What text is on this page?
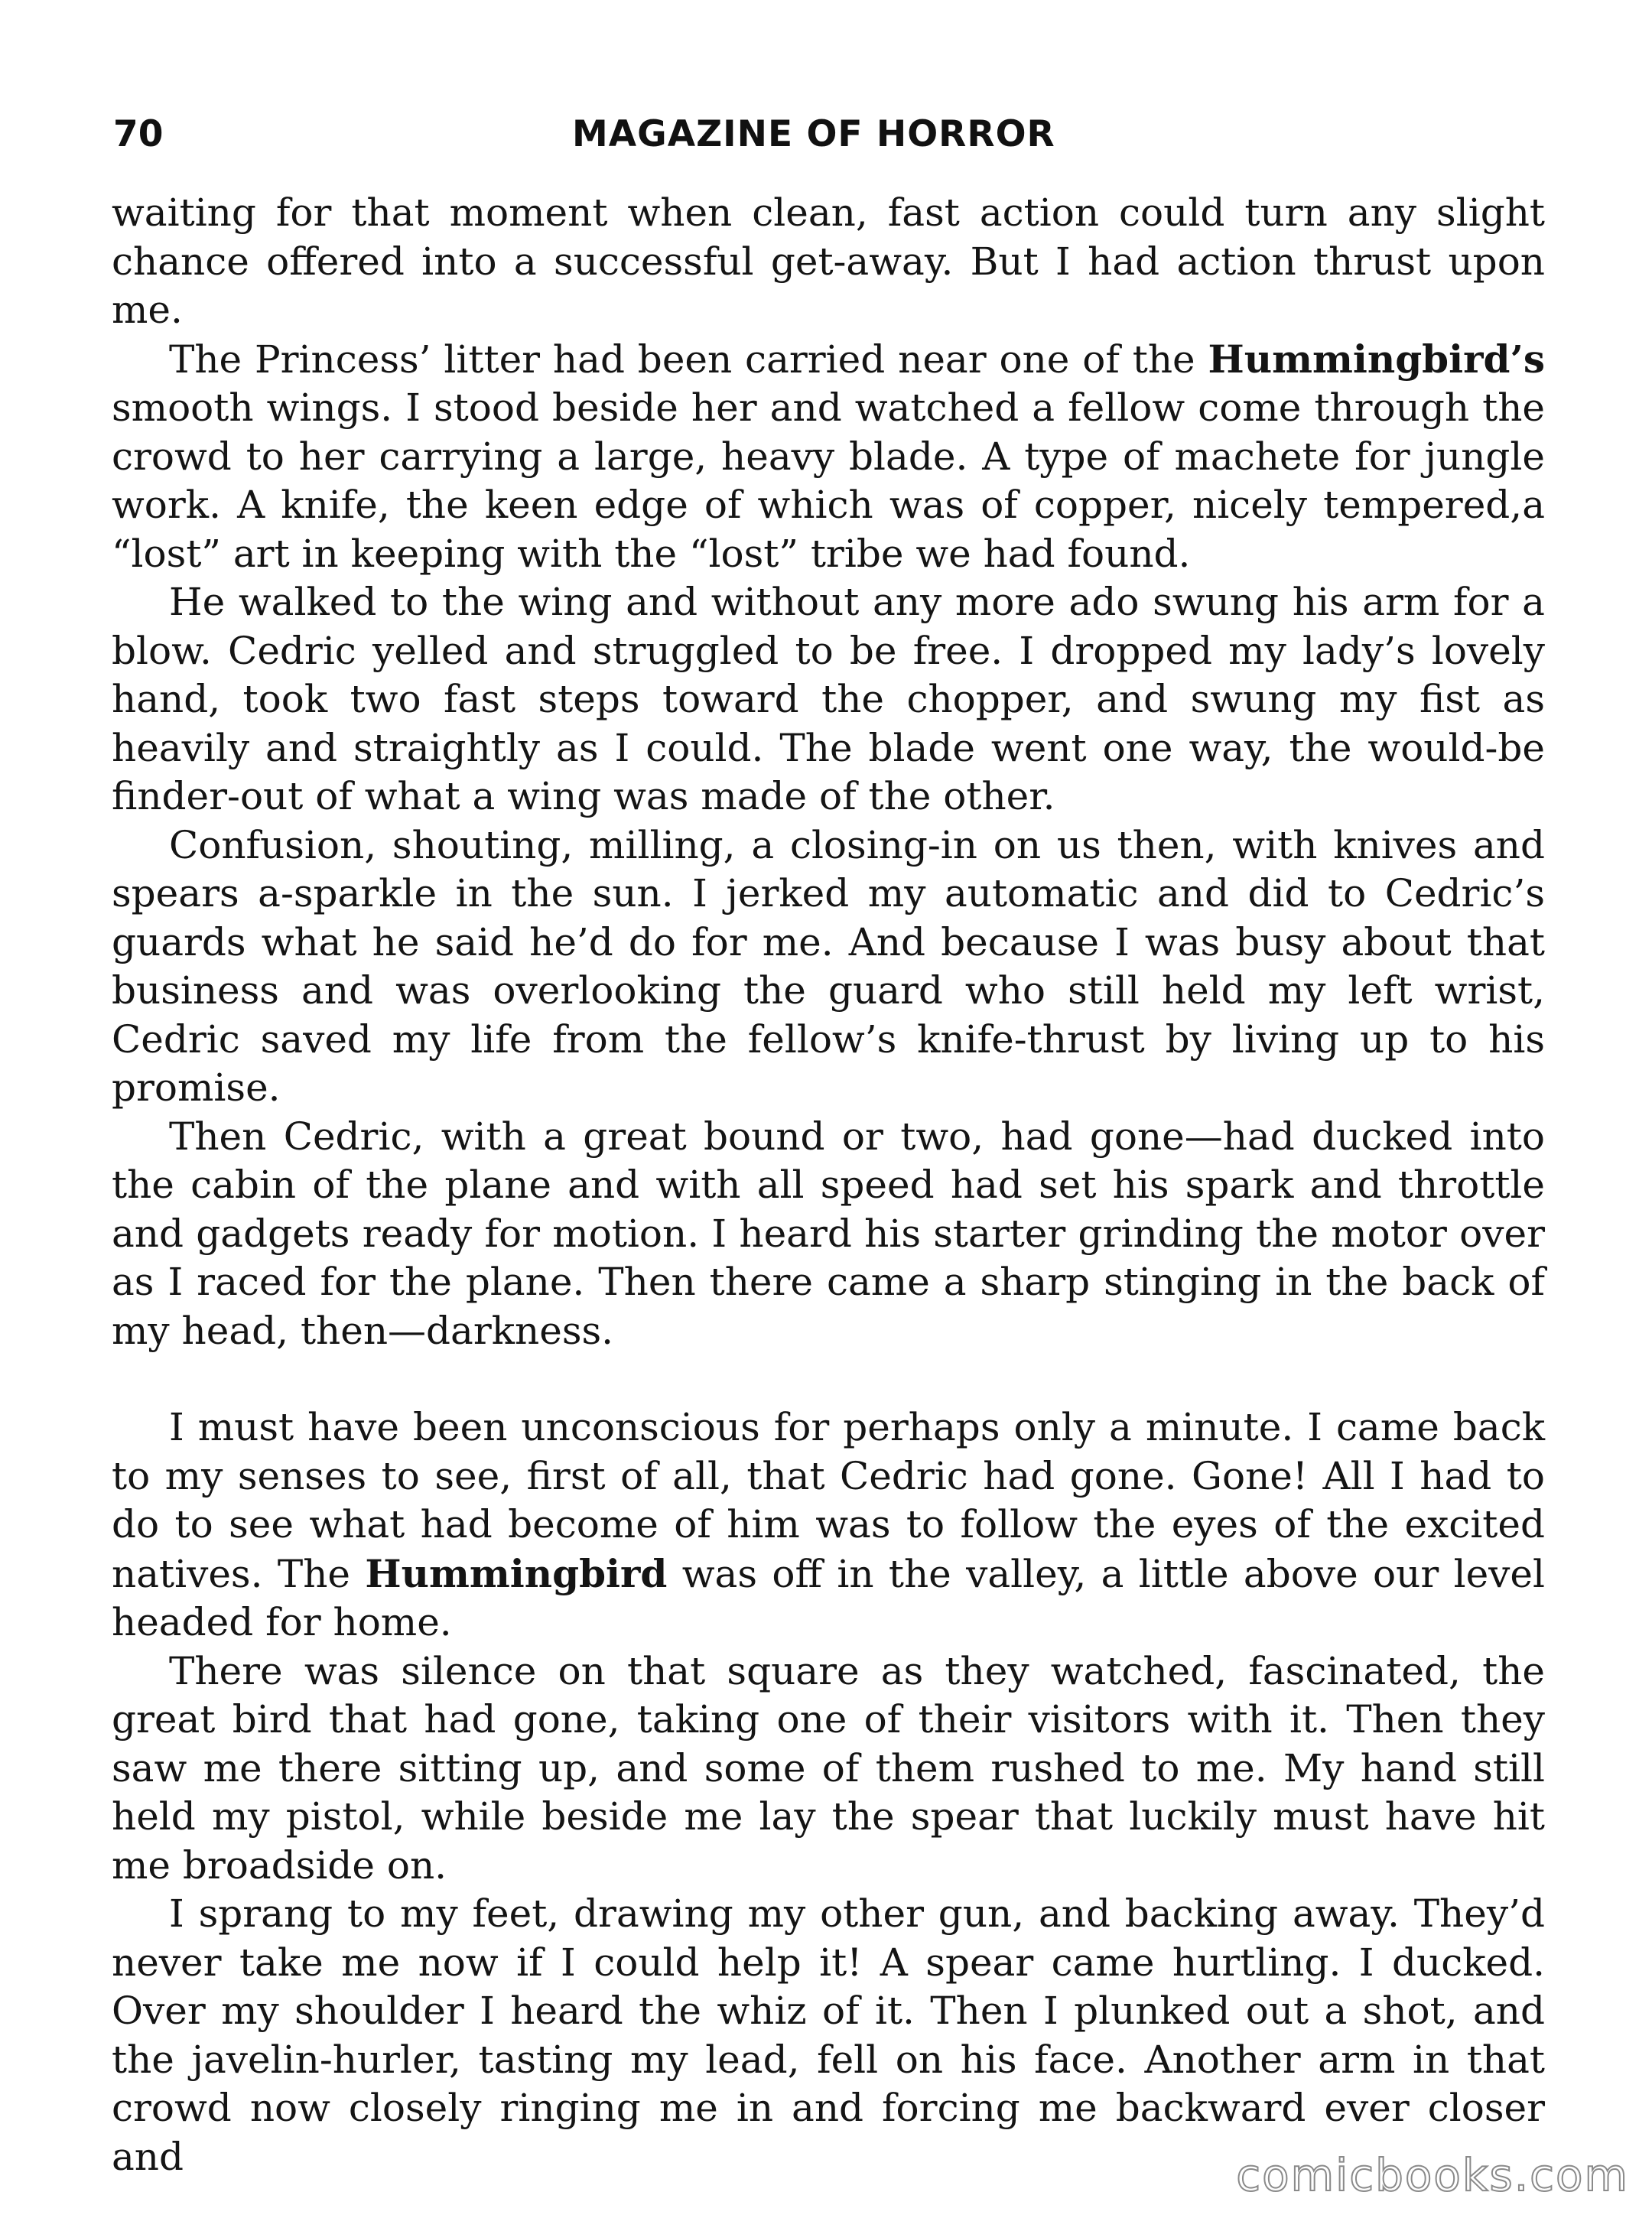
70	MAGAZINE OF HORROR

waiting for that moment when clean, fast action could turn any slight chance offered into a successful get-away. But I had action thrust upon me.

The Princess’ litter had been carried near one of the Hummingbird’s smooth wings. I stood beside her and watched a fellow come through the crowd to her carrying a large, heavy blade. A type of machete for jungle work. A knife, the keen edge of which was of copper, nicely tempered,a “lost” art in keeping with the “lost” tribe we had found.

He walked to the wing and without any more ado swung his arm for a blow. Cedric yelled and struggled to be free. I dropped my lady’s lovely hand, took two fast steps toward the chopper, and swung my fist as heavily and straightly as I could. The blade went one way, the would-be finder-out of what a wing was made of the other.

Confusion, shouting, milling, a closing-in on us then, with knives and spears a-sparkle in the sun. I jerked my automatic and did to Cedric’s guards what he said he’d do for me. And because I was busy about that business and was overlooking the guard who still held my left wrist, Cedric saved my life from the fellow’s knife-thrust by living up to his promise.

Then Cedric, with a great bound or two, had gone—had ducked into the cabin of the plane and with all speed had set his spark and throttle and gadgets ready for motion. I heard his starter grinding the motor over as I raced for the plane. Then there came a sharp stinging in the back of my head, then—darkness.

I must have been unconscious for perhaps only a minute. I came back to my senses to see, first of all, that Cedric had gone. Gone! All I had to do to see what had become of him was to follow the eyes of the excited natives. The Hummingbird was off in the valley, a little above our level headed for home.

There was silence on that square as they watched, fascinated, the great bird that had gone, taking one of their visitors with it. Then they saw me there sitting up, and some of them rushed to me. My hand still held my pistol, while beside me lay the spear that luckily must have hit me broadside on.

I sprang to my feet, drawing my other gun, and backing away. They’d never take me now if I could help it! A spear came hurtling. I ducked. Over my shoulder I heard the whiz of it. Then I plunked out a shot, and the javelin-hurler, tasting my lead, fell on his face. Another arm in that crowd now closely ringing me in and forcing me backward ever closer and	comicbooks.com
